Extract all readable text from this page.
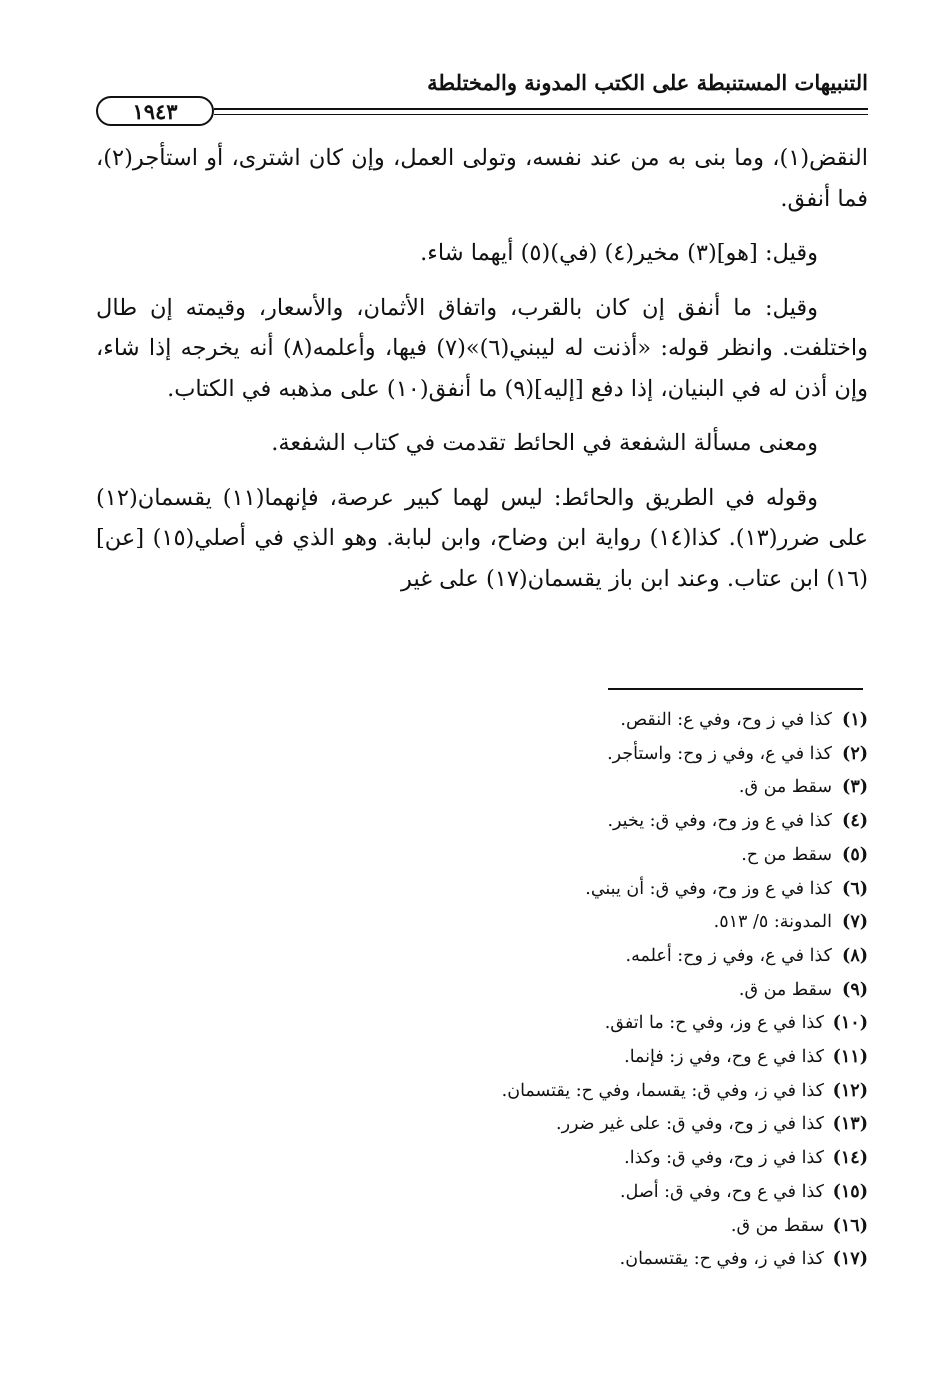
التنبيهات المستنبطة على الكتب المدونة والمختلطة
١٩٤٣

النقض(١)، وما بنى به من عند نفسه، وتولى العمل، وإن كان اشترى، أو استأجر(٢)، فما أنفق.

وقيل: [هو](٣) مخير(٤) (في)(٥) أيهما شاء.

وقيل: ما أنفق إن كان بالقرب، واتفاق الأثمان، والأسعار، وقيمته إن طال واختلفت. وانظر قوله: «أذنت له ليبني(٦)»(٧) فيها، وأعلمه(٨) أنه يخرجه إذا شاء، وإن أذن له في البنيان، إذا دفع [إليه](٩) ما أنفق(١٠) على مذهبه في الكتاب.

ومعنى مسألة الشفعة في الحائط تقدمت في كتاب الشفعة.

وقوله في الطريق والحائط: ليس لهما كبير عرصة، فإنهما(١١) يقسمان(١٢) على ضرر(١٣). كذا(١٤) رواية ابن وضاح، وابن لبابة. وهو الذي في أصلي(١٥) [عن](١٦) ابن عتاب. وعند ابن باز يقسمان(١٧) على غير

(١)
كذا في ز وح، وفي ع: النقص.
(٢)
كذا في ع، وفي ز وح: واستأجر.
(٣)
سقط من ق.
(٤)
كذا في ع وز وح، وفي ق: يخير.
(٥)
سقط من ح.
(٦)
كذا في ع وز وح، وفي ق: أن يبني.
(٧)
المدونة: ٥/ ٥١٣.
(٨)
كذا في ع، وفي ز وح: أعلمه.
(٩)
سقط من ق.
(١٠)
كذا في ع وز، وفي ح: ما اتفق.
(١١)
كذا في ع وح، وفي ز: فإنما.
(١٢)
كذا في ز، وفي ق: يقسما، وفي ح: يقتسمان.
(١٣)
كذا في ز وح، وفي ق: على غير ضرر.
(١٤)
كذا في ز وح، وفي ق: وكذا.
(١٥)
كذا في ع وح، وفي ق: أصل.
(١٦)
سقط من ق.
(١٧)
كذا في ز، وفي ح: يقتسمان.
